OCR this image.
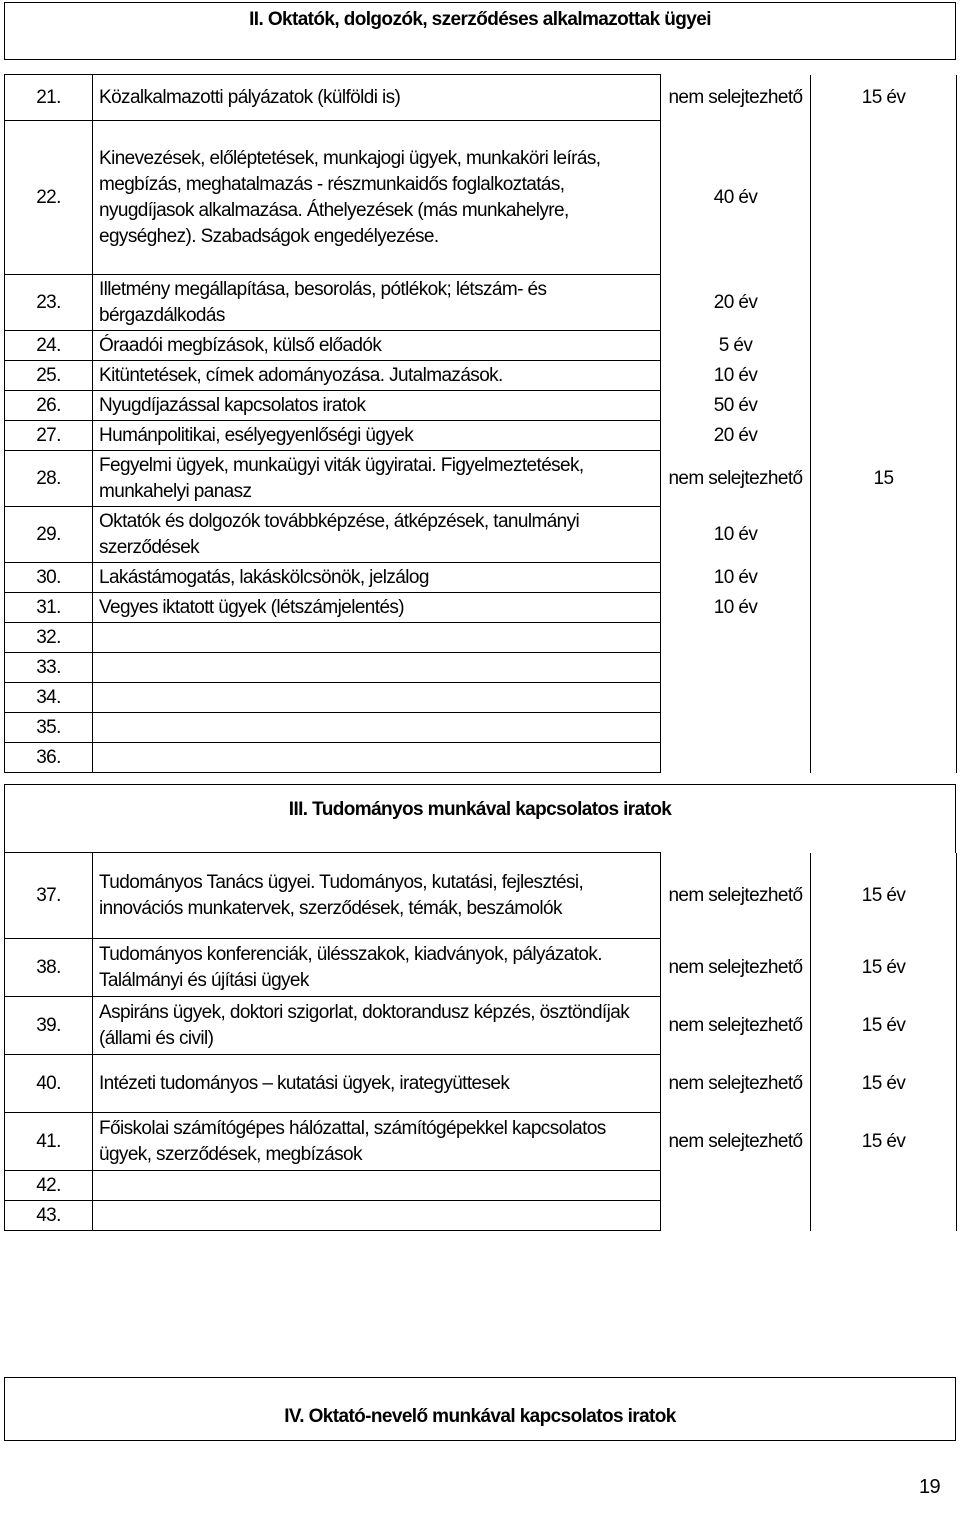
II. Oktatók, dolgozók, szerződéses alkalmazottak ügyei
21.	Közalkalmazotti pályázatok (külföldi is)	nem selejtezhető	15 év
22.	Kinevezések, előléptetések, munkajogi ügyek, munkaköri leírás, megbízás, meghatalmazás - részmunkaidős foglalkoztatás, nyugdíjasok alkalmazása. Áthelyezések (más munkahelyre, egységhez). Szabadságok engedélyezése.	40 év	
23.	Illetmény megállapítása, besorolás, pótlékok; létszám- és bérgazdálkodás	20 év	
24.	Óraadói megbízások, külső előadók	5 év	
25.	Kitüntetések, címek adományozása. Jutalmazások.	10 év	
26.	Nyugdíjazással kapcsolatos iratok	50 év	
27.	Humánpolitikai, esélyegyenlőségi ügyek	20 év	
28.	Fegyelmi ügyek, munkaügyi viták ügyiratai. Figyelmeztetések, munkahelyi panasz	nem selejtezhető	15
29.	Oktatók és dolgozók továbbképzése, átképzések, tanulmányi szerződések	10 év	
30.	Lakástámogatás, lakáskölcsönök, jelzálog	10 év	
31.	Vegyes iktatott ügyek (létszámjelentés)	10 év	
32.			
33.			
34.			
35.			
36.			
III. Tudományos munkával kapcsolatos iratok
37.	Tudományos Tanács ügyei. Tudományos, kutatási, fejlesztési, innovációs munkatervek, szerződések, témák, beszámolók	nem selejtezhető	15 év
38.	Tudományos konferenciák, ülésszakok, kiadványok, pályázatok. Találmányi és újítási ügyek	nem selejtezhető	15 év
39.	Aspiráns ügyek, doktori szigorlat, doktorandusz képzés, ösztöndíjak (állami és civil)	nem selejtezhető	15 év
40.	Intézeti tudományos – kutatási ügyek, irategyüttesek	nem selejtezhető	15 év
41.	Főiskolai számítógépes hálózattal, számítógépekkel kapcsolatos ügyek, szerződések, megbízások	nem selejtezhető	15 év
42.			
43.			
IV. Oktató-nevelő munkával kapcsolatos iratok
19
